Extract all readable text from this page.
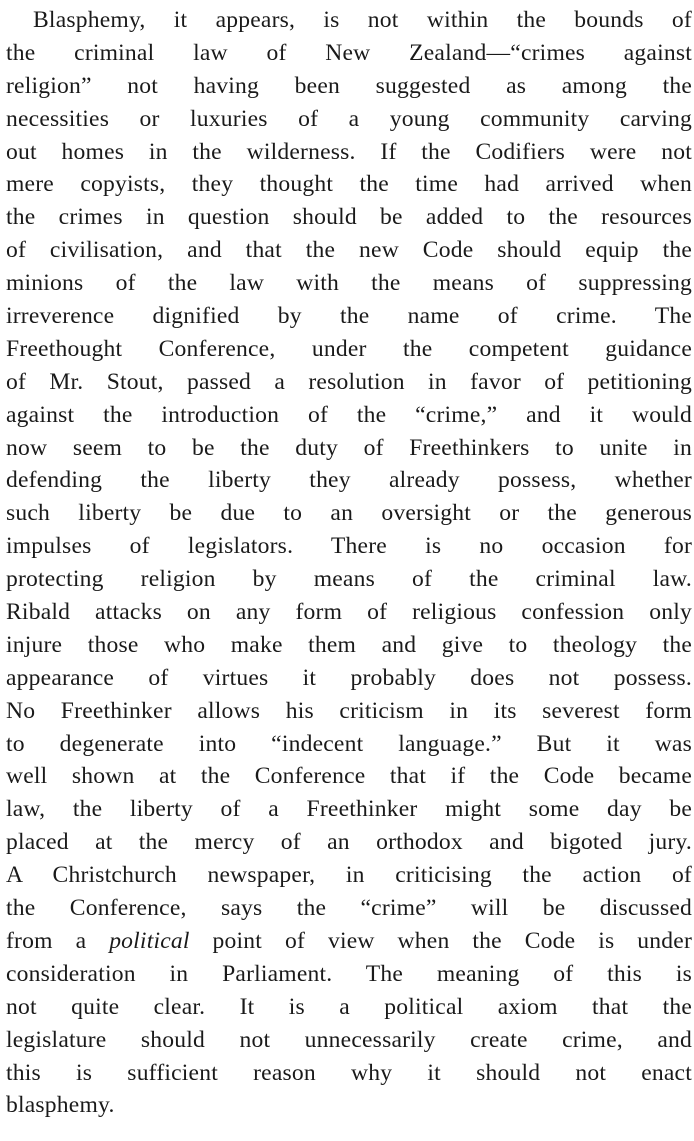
Blasphemy, it appears, is not within the bounds of
the criminal law of New Zealand—“crimes against
religion” not having been suggested as among the
necessities or luxuries of a young community carving
out homes in the wilderness. If the Codifiers were not
mere copyists, they thought the time had arrived when
the crimes in question should be added to the resources
of civilisation, and that the new Code should equip the
minions of the law with the means of suppressing
irreverence dignified by the name of crime. The
Freethought Conference, under the competent guidance
of Mr. Stout, passed a resolution in favor of petitioning
against the introduction of the “crime,” and it would
now seem to be the duty of Freethinkers to unite in
defending the liberty they already possess, whether
such liberty be due to an oversight or the generous
impulses of legislators. There is no occasion for
protecting religion by means of the criminal law.
Ribald attacks on any form of religious confession only
injure those who make them and give to theology the
appearance of virtues it probably does not possess.
No Freethinker allows his criticism in its severest form
to degenerate into “indecent language.” But it was
well shown at the Conference that if the Code became
law, the liberty of a Freethinker might some day be
placed at the mercy of an orthodox and bigoted jury.
A Christchurch newspaper, in criticising the action of
the Conference, says the “crime” will be discussed
from a political point of view when the Code is under
consideration in Parliament. The meaning of this is
not quite clear. It is a political axiom that the
legislature should not unnecessarily create crime, and
this is sufficient reason why it should not enact
blasphemy.
